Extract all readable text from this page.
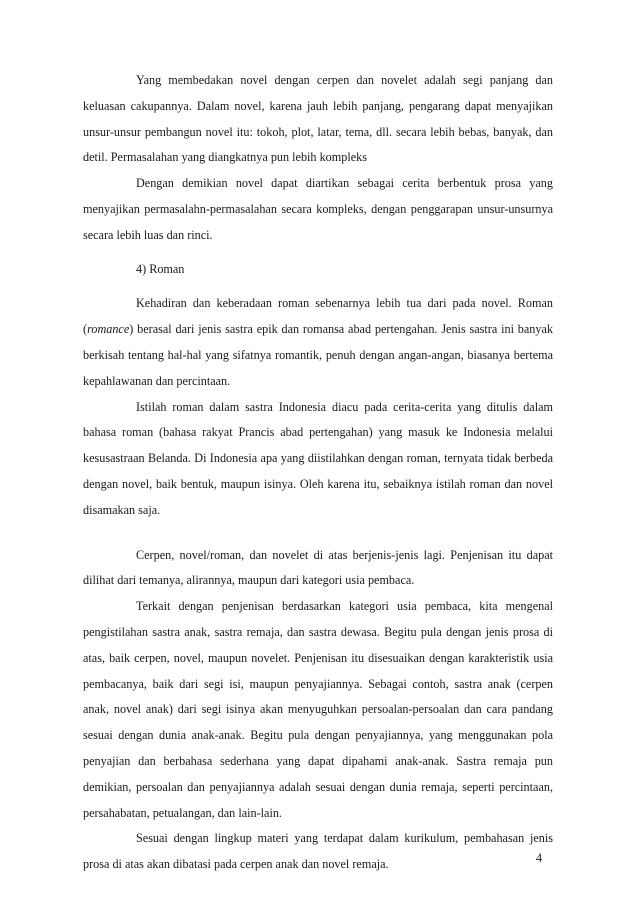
Yang membedakan novel dengan cerpen dan novelet adalah segi panjang dan keluasan cakupannya. Dalam novel, karena jauh lebih panjang, pengarang dapat menyajikan unsur-unsur pembangun novel itu: tokoh, plot, latar, tema, dll. secara lebih bebas, banyak, dan detil. Permasalahan yang diangkatnya pun lebih kompleks

Dengan demikian novel dapat diartikan sebagai cerita berbentuk prosa yang menyajikan permasalahn-permasalahan secara kompleks, dengan penggarapan unsur-unsurnya secara lebih luas dan rinci.

4) Roman

Kehadiran dan keberadaan roman sebenarnya lebih tua dari pada novel. Roman (romance) berasal dari jenis sastra epik dan romansa abad pertengahan. Jenis sastra ini banyak berkisah tentang hal-hal yang sifatnya romantik, penuh dengan angan-angan, biasanya bertema kepahlawanan dan percintaan.

Istilah roman dalam sastra Indonesia diacu pada cerita-cerita yang ditulis dalam bahasa roman (bahasa rakyat Prancis abad pertengahan) yang masuk ke Indonesia melalui kesusastraan Belanda. Di Indonesia apa yang diistilahkan dengan roman, ternyata tidak berbeda dengan novel, baik bentuk, maupun isinya. Oleh karena itu, sebaiknya istilah roman dan novel disamakan saja.

Cerpen, novel/roman, dan novelet di atas berjenis-jenis lagi. Penjenisan itu dapat dilihat dari temanya, alirannya, maupun dari kategori usia pembaca.

Terkait dengan penjenisan berdasarkan kategori usia pembaca, kita mengenal pengistilahan sastra anak, sastra remaja, dan sastra dewasa. Begitu pula dengan jenis prosa di atas, baik cerpen, novel, maupun novelet. Penjenisan itu disesuaikan dengan karakteristik usia pembacanya, baik dari segi isi, maupun penyajiannya. Sebagai contoh, sastra anak (cerpen anak, novel anak) dari segi isinya akan menyuguhkan persoalan-persoalan dan cara pandang sesuai dengan dunia anak-anak. Begitu pula dengan penyajiannya, yang menggunakan pola penyajian dan berbahasa sederhana yang dapat dipahami anak-anak. Sastra remaja pun demikian, persoalan dan penyajiannya adalah sesuai dengan dunia remaja, seperti percintaan, persahabatan, petualangan, dan lain-lain.

Sesuai dengan lingkup materi yang terdapat dalam kurikulum, pembahasan jenis prosa di atas akan dibatasi pada cerpen anak dan novel remaja.	4
